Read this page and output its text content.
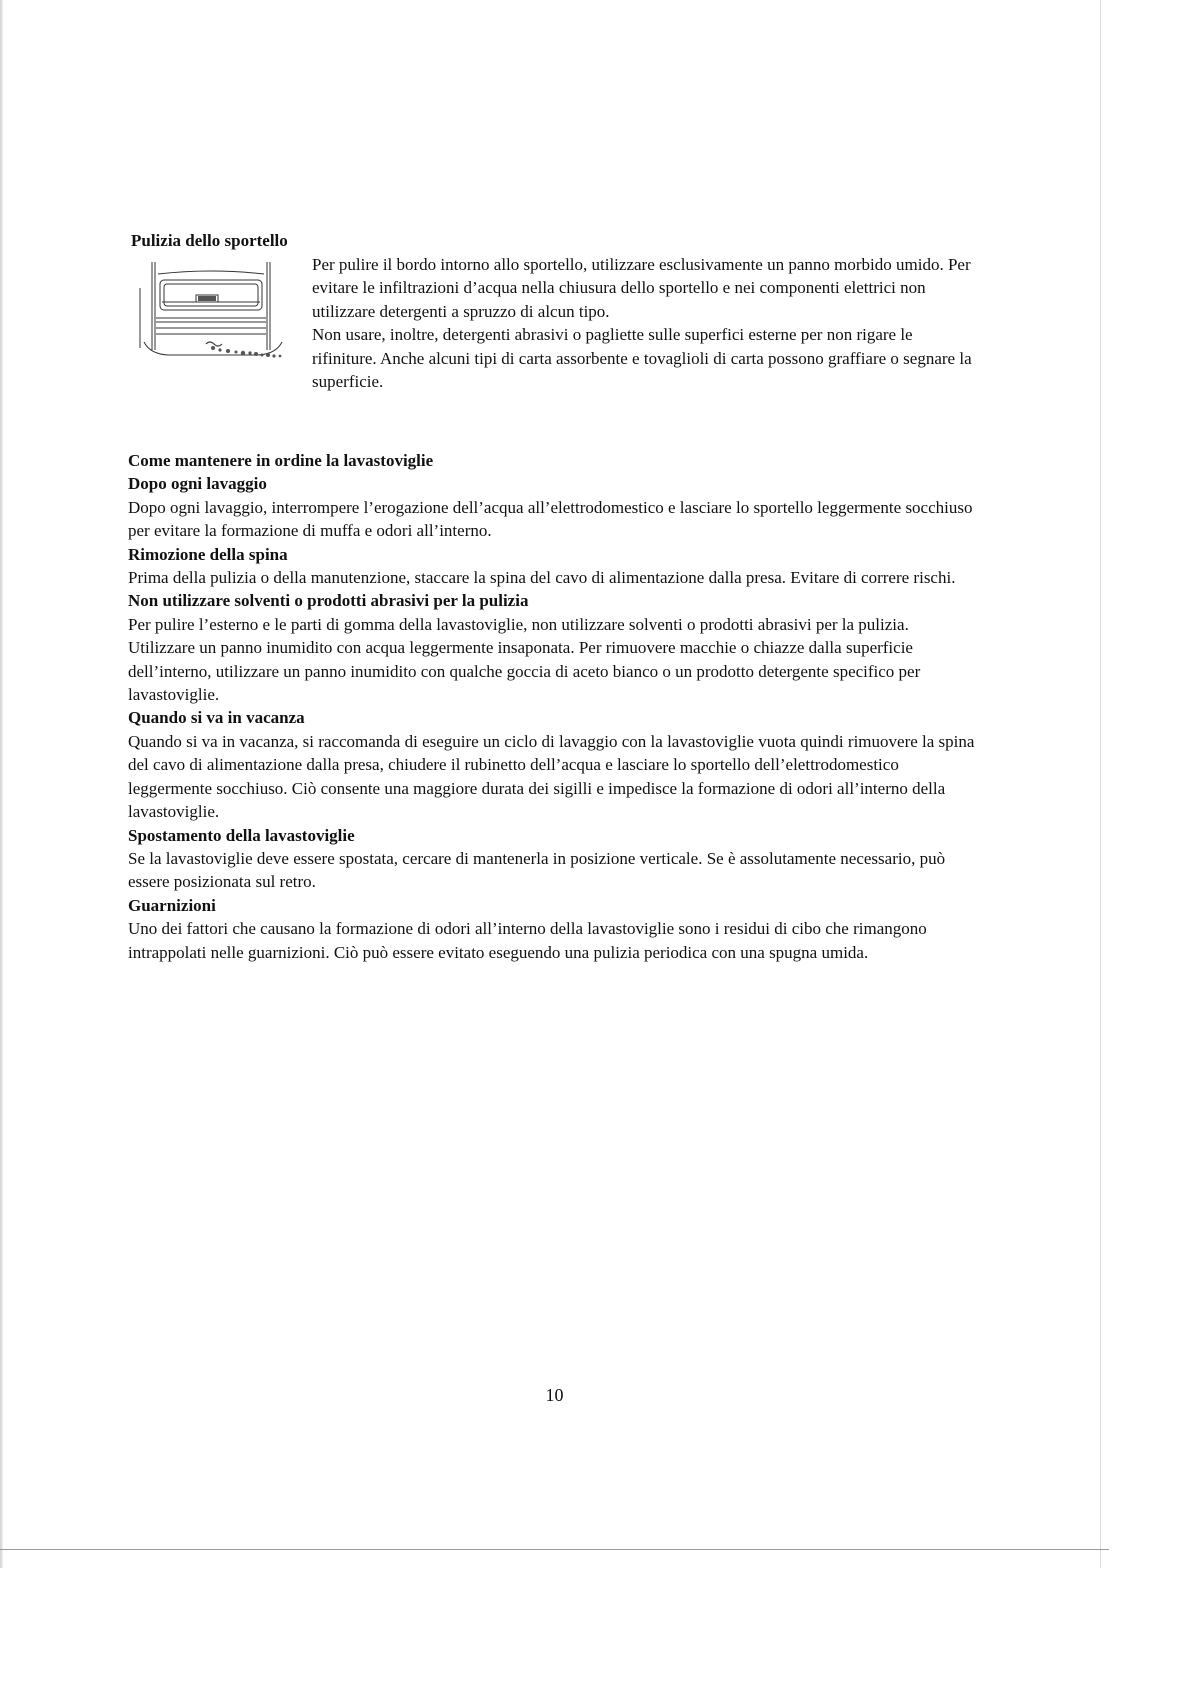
Pulizia dello sportello

Per pulire il bordo intorno allo sportello, utilizzare esclusivamente un panno morbido umido. Per evitare le infiltrazioni d’acqua nella chiusura dello sportello e nei componenti elettrici non utilizzare detergenti a spruzzo di alcun tipo.

Non usare, inoltre, detergenti abrasivi o pagliette sulle superfici esterne per non rigare le rifiniture. Anche alcuni tipi di carta assorbente e tovaglioli di carta possono graffiare o segnare la superficie.

Come mantenere in ordine la lavastoviglie
Dopo ogni lavaggio

Dopo ogni lavaggio, interrompere l’erogazione dell’acqua all’elettrodomestico e lasciare lo sportello leggermente socchiuso per evitare la formazione di muffa e odori all’interno.

Rimozione della spina

Prima della pulizia o della manutenzione, staccare la spina del cavo di alimentazione dalla presa. Evitare di correre rischi.

Non utilizzare solventi o prodotti abrasivi per la pulizia

Per pulire l’esterno e le parti di gomma della lavastoviglie, non utilizzare solventi o prodotti abrasivi per la pulizia. Utilizzare un panno inumidito con acqua leggermente insaponata. Per rimuovere macchie o chiazze dalla superficie dell’interno, utilizzare un panno inumidito con qualche goccia di aceto bianco o un prodotto detergente specifico per lavastoviglie.

Quando si va in vacanza

Quando si va in vacanza, si raccomanda di eseguire un ciclo di lavaggio con la lavastoviglie vuota quindi rimuovere la spina del cavo di alimentazione dalla presa, chiudere il rubinetto dell’acqua e lasciare lo sportello dell’elettrodomestico leggermente socchiuso. Ciò consente una maggiore durata dei sigilli e impedisce la formazione di odori all’interno della lavastoviglie.

Spostamento della lavastoviglie

Se la lavastoviglie deve essere spostata, cercare di mantenerla in posizione verticale. Se è assolutamente necessario, può essere posizionata sul retro.

Guarnizioni

Uno dei fattori che causano la formazione di odori all’interno della lavastoviglie sono i residui di cibo che rimangono intrappolati nelle guarnizioni. Ciò può essere evitato eseguendo una pulizia periodica con una spugna umida.

10
